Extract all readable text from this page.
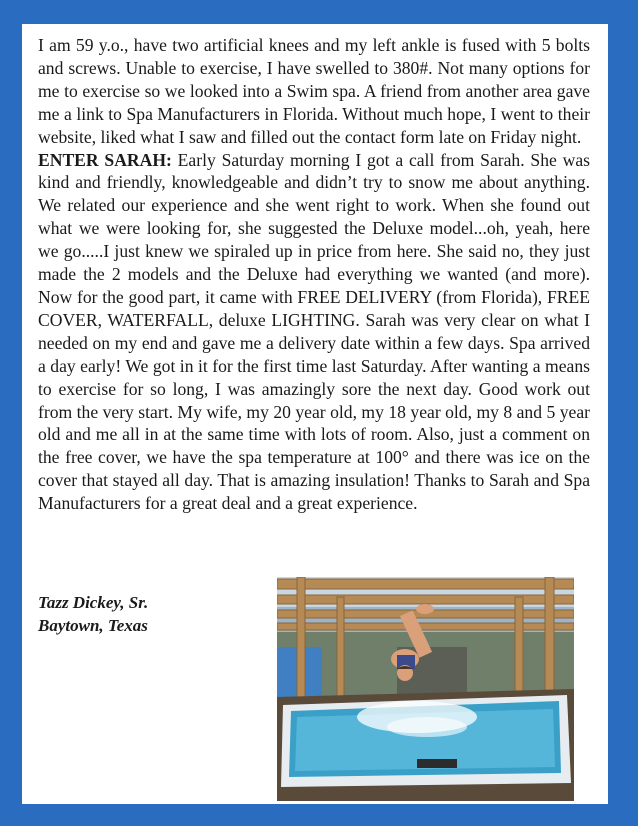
I am 59 y.o., have two artificial knees and my left ankle is fused with 5 bolts and screws. Unable to exercise, I have swelled to 380#. Not many options for me to exercise so we looked into a Swim spa. A friend from another area gave me a link to Spa Manufacturers in Florida. Without much hope, I went to their website, liked what I saw and filled out the contact form late on Friday night.
ENTER SARAH: Early Saturday morning I got a call from Sarah. She was kind and friendly, knowledgeable and didn’t try to snow me about anything. We related our experience and she went right to work. When she found out what we were looking for, she suggested the Deluxe model...oh, yeah, here we go.....I just knew we spiraled up in price from here. She said no, they just made the 2 models and the Deluxe had everything we wanted (and more). Now for the good part, it came with FREE DELIVERY (from Florida), FREE COVER, WATERFALL, deluxe LIGHTING. Sarah was very clear on what I needed on my end and gave me a delivery date within a few days. Spa arrived a day early! We got in it for the first time last Saturday. After wanting a means to exercise for so long, I was amazingly sore the next day. Good work out from the very start. My wife, my 20 year old, my 18 year old, my 8 and 5 year old and me all in at the same time with lots of room. Also, just a comment on the free cover, we have the spa temperature at 100° and there was ice on the cover that stayed all day. That is amazing insulation! Thanks to Sarah and Spa Manufacturers for a great deal and a great experience.

Tazz Dickey, Sr.
Baytown, Texas
